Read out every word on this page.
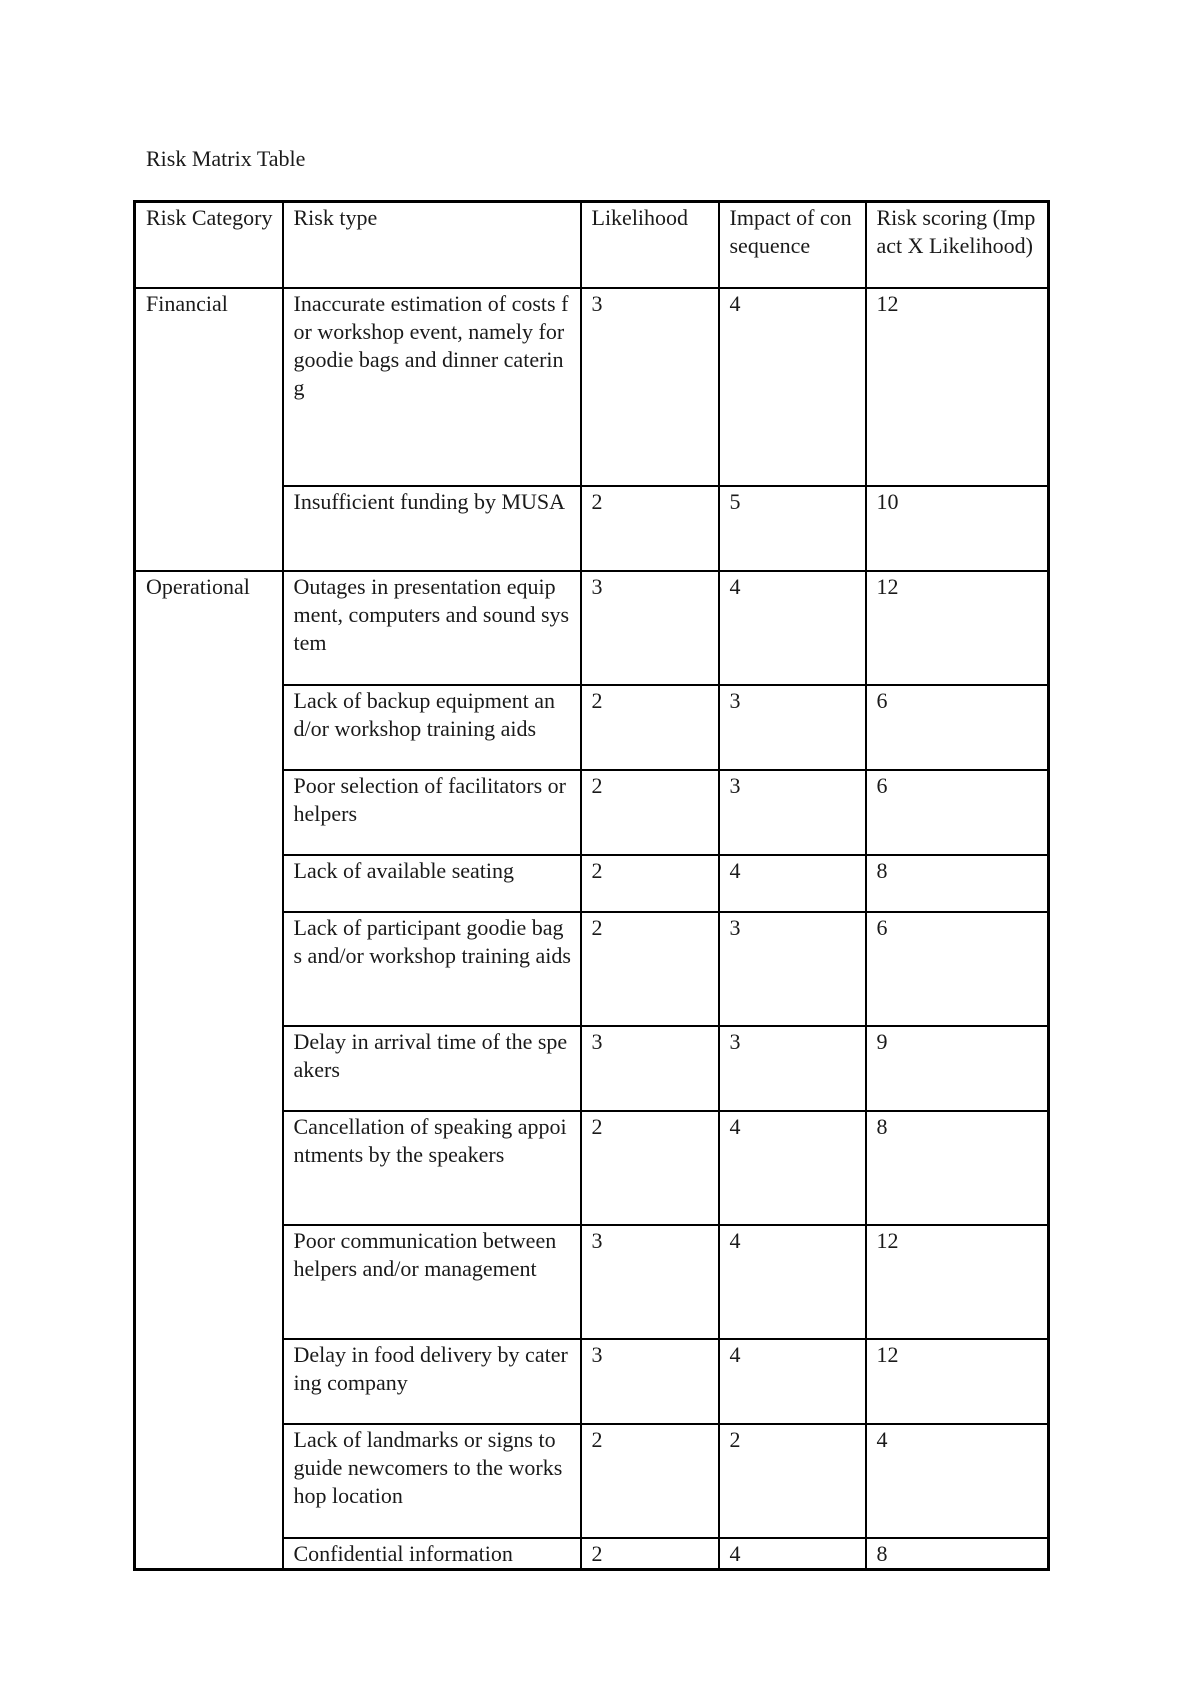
Risk Matrix Table
Risk Category	Risk type	Likelihood	Impact of consequence	Risk scoring (Impact X Likelihood)
Financial	Inaccurate estimation of costs for workshop event, namely for goodie bags and dinner catering	3	4	12
	Insufficient funding by MUSA	2	5	10
Operational	Outages in presentation equipment, computers and sound system	3	4	12
	Lack of backup equipment and/or workshop training aids	2	3	6
	Poor selection of facilitators or helpers	2	3	6
	Lack of available seating	2	4	8
	Lack of participant goodie bags and/or workshop training aids	2	3	6
	Delay in arrival time of the speakers	3	3	9
	Cancellation of speaking appointments by the speakers	2	4	8
	Poor communication between helpers and/or management	3	4	12
	Delay in food delivery by catering company	3	4	12
	Lack of landmarks or signs to guide newcomers to the workshop location	2	2	4
	Confidential information	2	4	8
